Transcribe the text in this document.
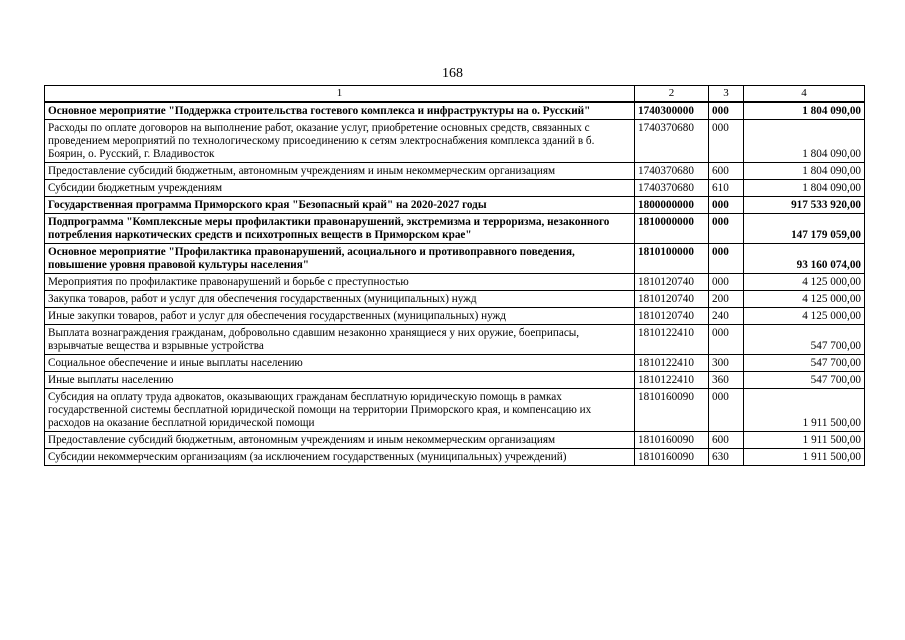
168
1	2	3	4
Основное мероприятие "Поддержка строительства гостевого комплекса и инфраструктуры на о. Русский"	1740300000	000	1 804 090,00
Расходы по оплате договоров на выполнение работ, оказание услуг, приобретение основных средств, связанных с проведением мероприятий по технологическому присоединению к сетям электроснабжения комплекса зданий в б. Боярин, о. Русский, г. Владивосток	1740370680	000	1 804 090,00
Предоставление субсидий бюджетным, автономным учреждениям и иным некоммерческим организациям	1740370680	600	1 804 090,00
Субсидии бюджетным учреждениям	1740370680	610	1 804 090,00
Государственная программа Приморского края "Безопасный край" на 2020-2027 годы	1800000000	000	917 533 920,00
Подпрограмма "Комплексные меры профилактики правонарушений, экстремизма и терроризма, незаконного потребления наркотических средств и психотропных веществ в Приморском крае"	1810000000	000	147 179 059,00
Основное мероприятие "Профилактика правонарушений, асоциального и противоправного поведения, повышение уровня правовой культуры населения"	1810100000	000	93 160 074,00
Мероприятия по профилактике правонарушений и борьбе с преступностью	1810120740	000	4 125 000,00
Закупка товаров, работ и услуг для обеспечения государственных (муниципальных) нужд	1810120740	200	4 125 000,00
Иные закупки товаров, работ и услуг для обеспечения государственных (муниципальных) нужд	1810120740	240	4 125 000,00
Выплата вознаграждения гражданам, добровольно сдавшим незаконно хранящиеся у них оружие, боеприпасы, взрывчатые вещества и взрывные устройства	1810122410	000	547 700,00
Социальное обеспечение и иные выплаты населению	1810122410	300	547 700,00
Иные выплаты населению	1810122410	360	547 700,00
Субсидия на оплату труда адвокатов, оказывающих гражданам бесплатную юридическую помощь в рамках государственной системы бесплатной юридической помощи на территории Приморского края, и компенсацию их расходов на оказание бесплатной юридической помощи	1810160090	000	1 911 500,00
Предоставление субсидий бюджетным, автономным учреждениям и иным некоммерческим организациям	1810160090	600	1 911 500,00
Субсидии некоммерческим организациям (за исключением государственных (муниципальных) учреждений)	1810160090	630	1 911 500,00
